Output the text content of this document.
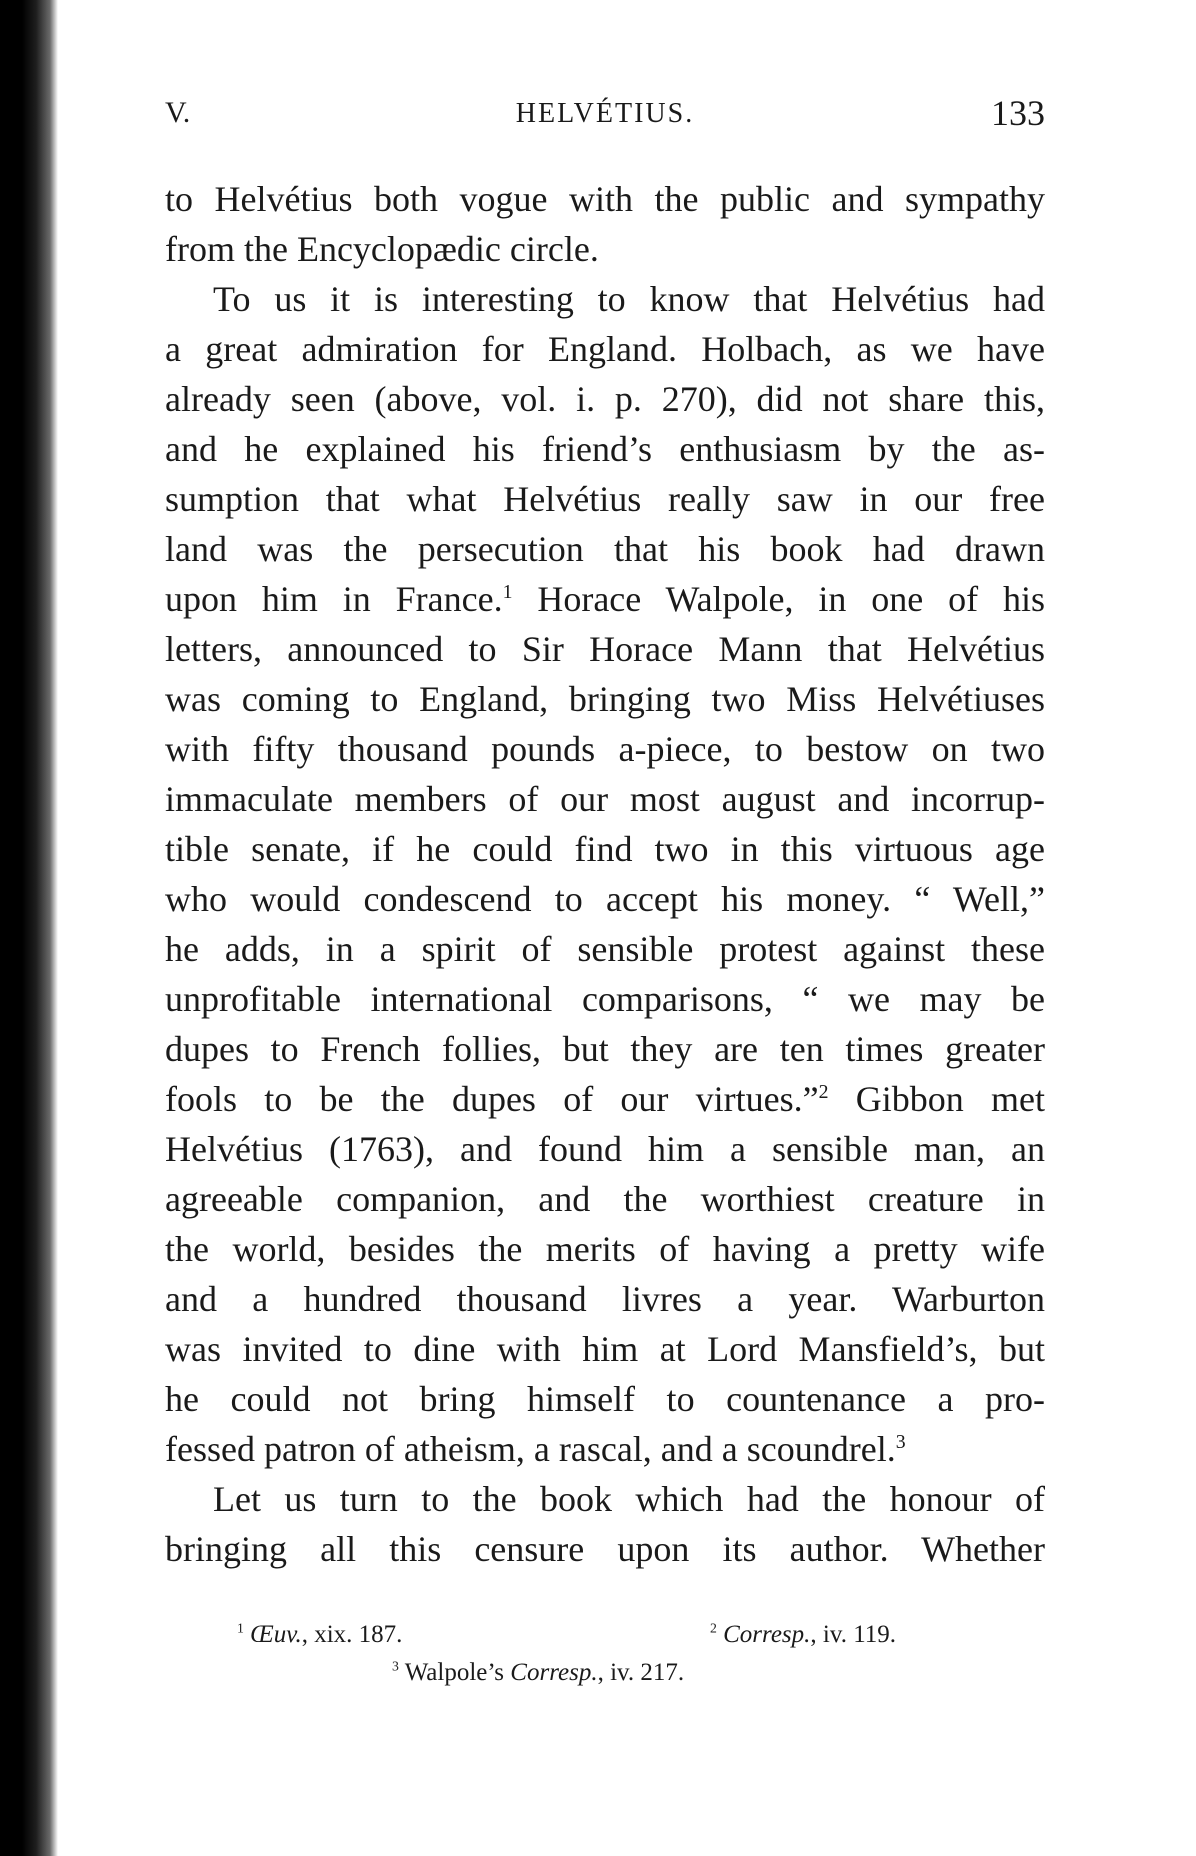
V.	HELVÉTIUS.	133
to Helvétius both vogue with the public and sympathy
from the Encyclopædic circle.
To us it is interesting to know that Helvétius had
a great admiration for England. Holbach, as we have
already seen (above, vol. i. p. 270), did not share this,
and he explained his friend’s enthusiasm by the as-
sumption that what Helvétius really saw in our free
land was the persecution that his book had drawn
upon him in France.$^1$ Horace Walpole, in one of his
letters, announced to Sir Horace Mann that Helvétius
was coming to England, bringing two Miss Helvétiuses
with fifty thousand pounds a-piece, to bestow on two
immaculate members of our most august and incorrup-
tible senate, if he could find two in this virtuous age
who would condescend to accept his money. “ Well,”
he adds, in a spirit of sensible protest against these
unprofitable international comparisons, “ we may be
dupes to French follies, but they are ten times greater
fools to be the dupes of our virtues.”$^2$ Gibbon met
Helvétius (1763), and found him a sensible man, an
agreeable companion, and the worthiest creature in
the world, besides the merits of having a pretty wife
and a hundred thousand livres a year. Warburton
was invited to dine with him at Lord Mansfield’s, but
he could not bring himself to countenance a pro-
fessed patron of atheism, a rascal, and a scoundrel.$^3$
Let us turn to the book which had the honour of
bringing all this censure upon its author. Whether
$^1$ Œuv., xix. 187.	$^2$ Corresp., iv. 119.
$^3$ Walpole’s Corresp., iv. 217.
